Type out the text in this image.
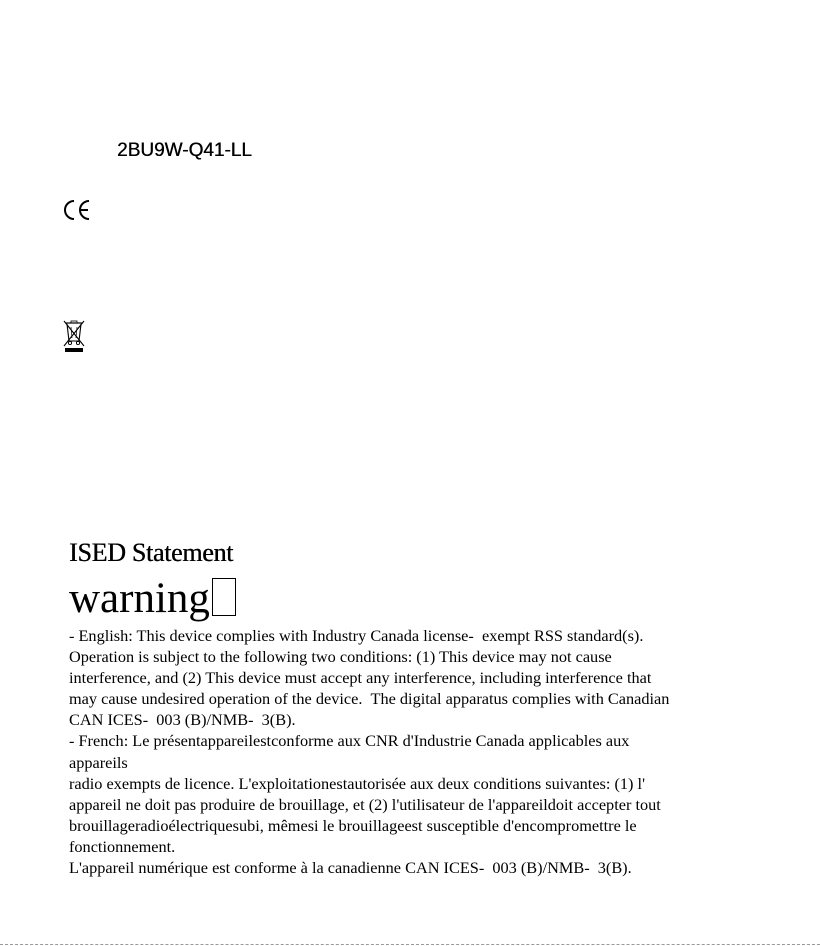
2BU9W-Q41-LL
ISED Statement
warning

- English: This device complies with Industry Canada license-  exempt RSS standard(s).

Operation is subject to the following two conditions: (1) This device may not cause

interference, and (2) This device must accept any interference, including interference that

may cause undesired operation of the device.  The digital apparatus complies with Canadian

CAN ICES-  003 (B)/NMB-  3(B).

- French: Le présentappareilestconforme aux CNR d'Industrie Canada applicables aux

appareils

radio exempts de licence. L'exploitationestautorisée aux deux conditions suivantes: (1) l'

appareil ne doit pas produire de brouillage, et (2) l'utilisateur de l'appareildoit accepter tout

brouillageradioélectriquesubi, mêmesi le brouillageest susceptible d'encompromettre le

fonctionnement.

L'appareil numérique est conforme à la canadienne CAN ICES-  003 (B)/NMB-  3(B).
